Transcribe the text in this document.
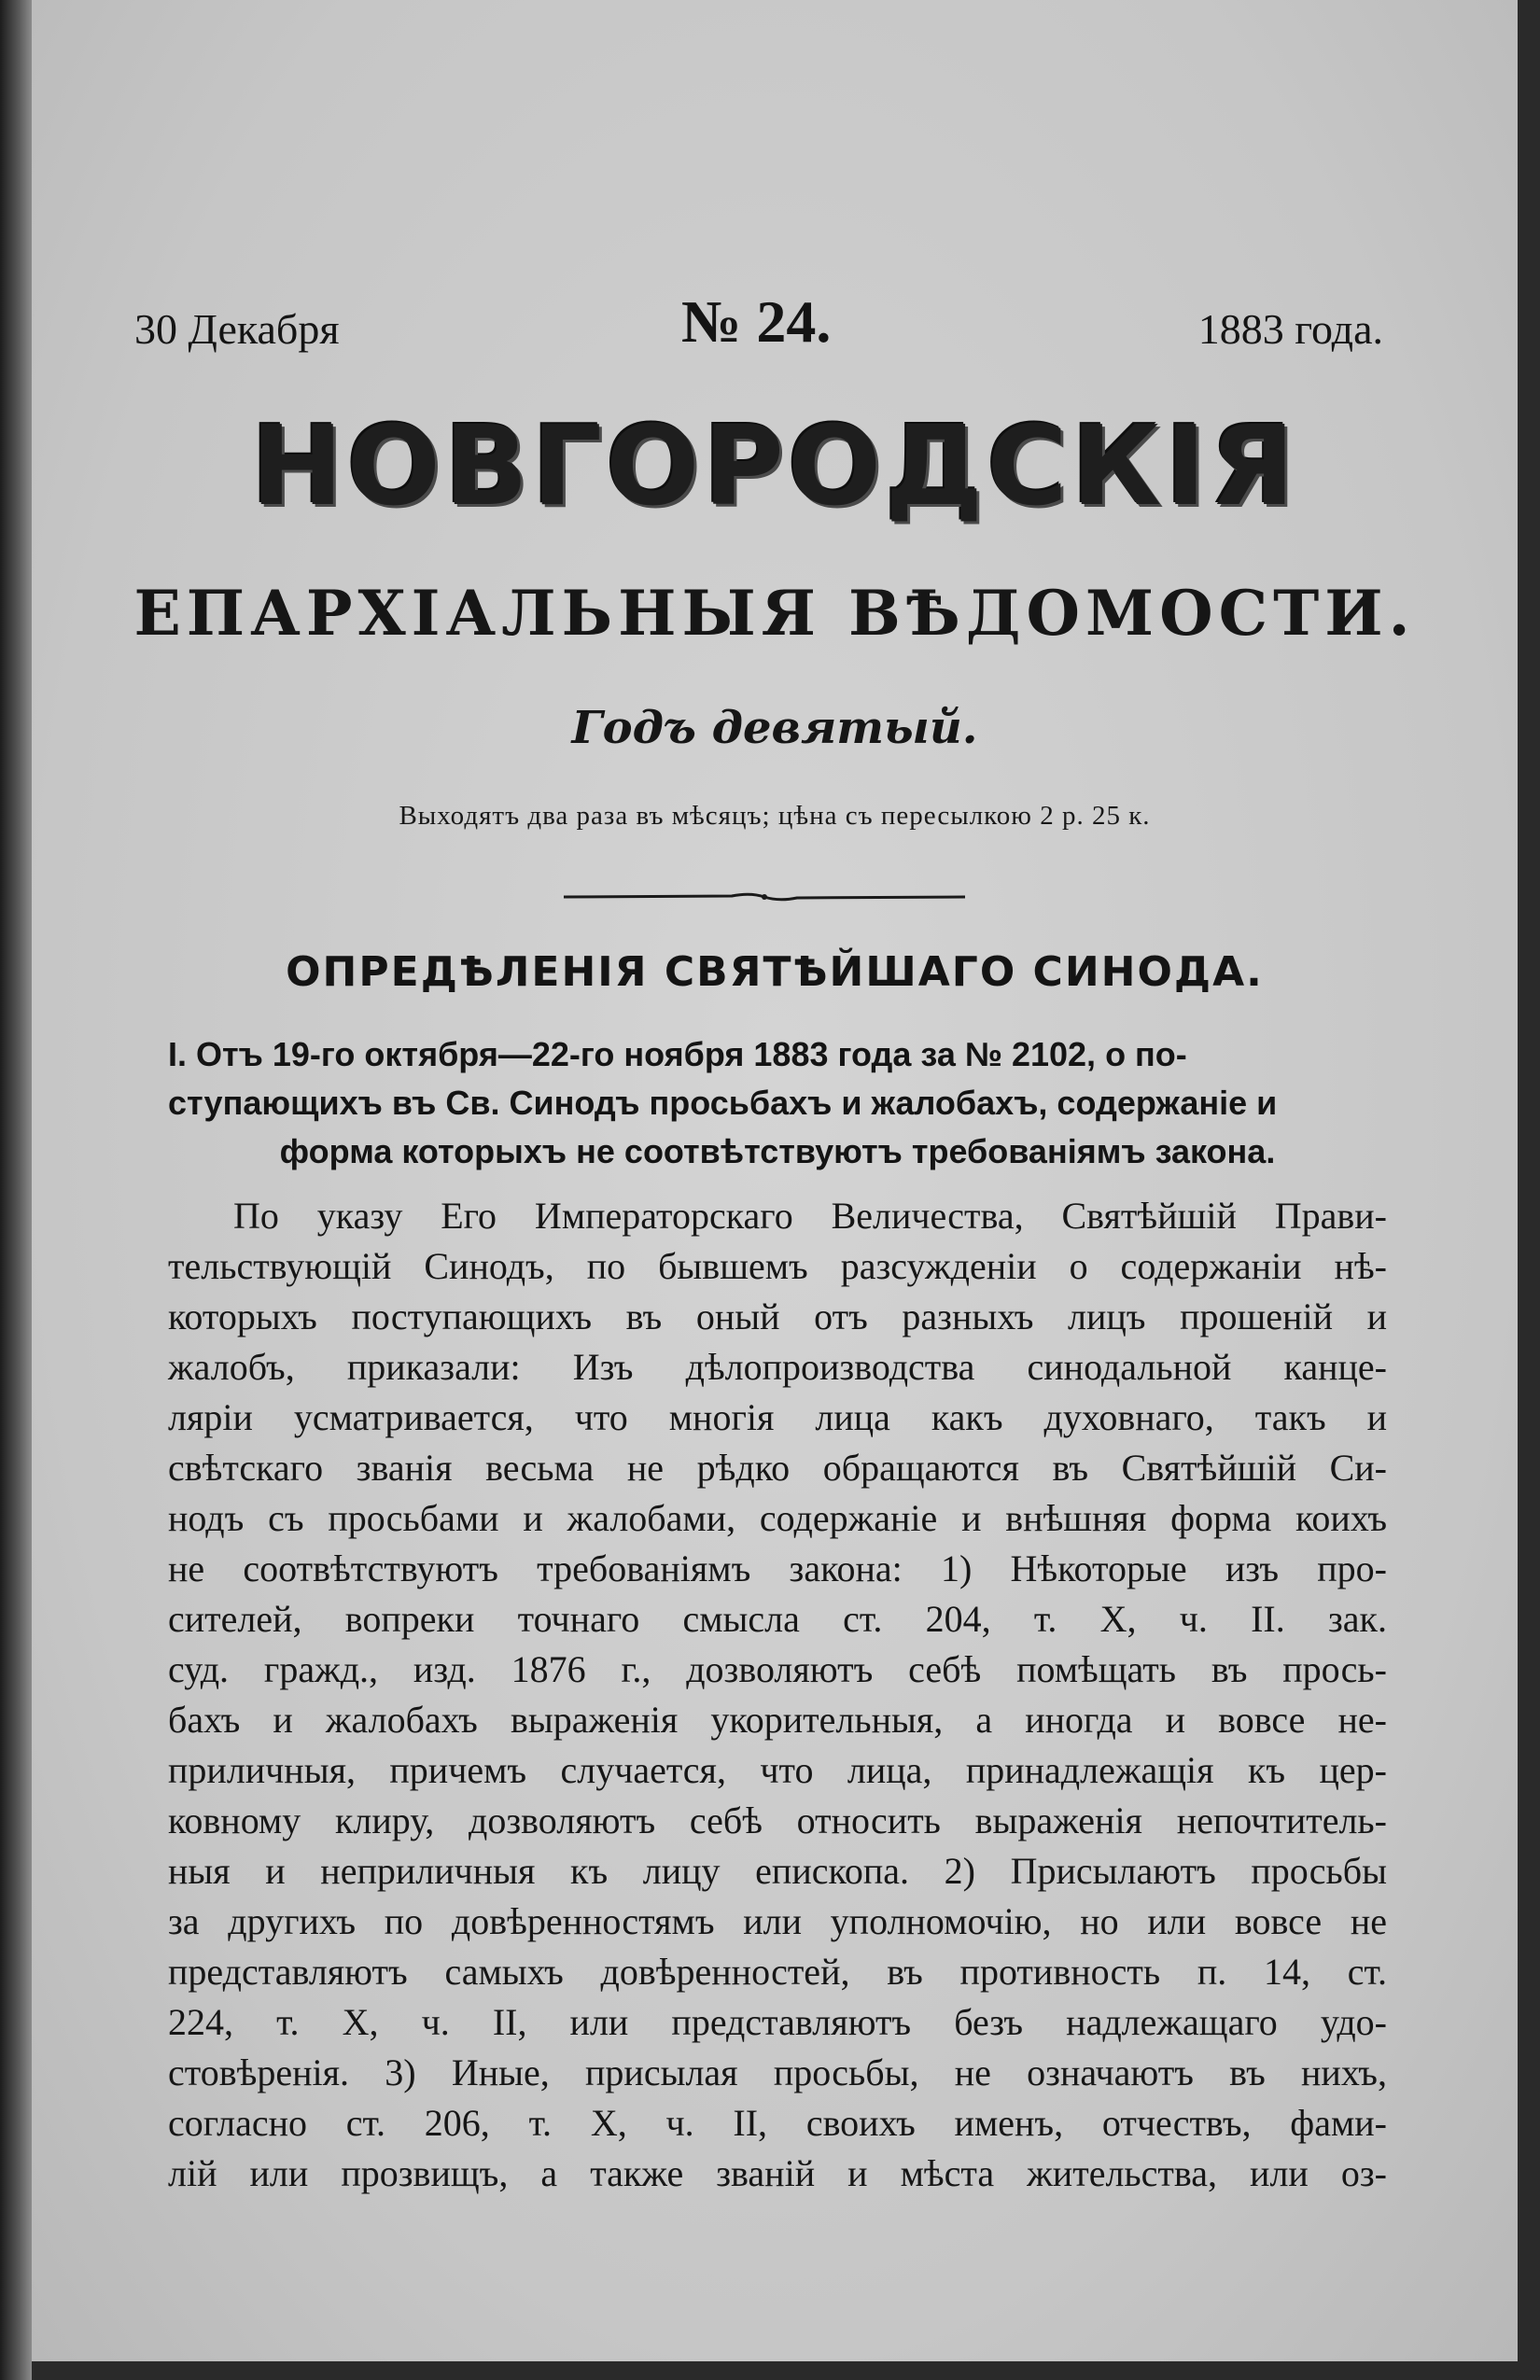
30 Декабря	№ 24.	1883 года.
НОВГОРОДСКІЯ
ЕПАРХІАЛЬНЫЯ ВѢДОМОСТИ.
Годъ девятый.
Выходятъ два раза въ мѣсяцъ; цѣна съ пересылкою 2 р. 25 к.
ОПРЕДѢЛЕНІЯ СВЯТѢЙШАГО СИНОДА.
I. Отъ 19-го октября—22-го ноября 1883 года за № 2102, о по-
ступающихъ въ Св. Синодъ просьбахъ и жалобахъ, содержаніе и
форма которыхъ не соотвѣтствуютъ требованіямъ закона.
По указу Его Императорскаго Величества, Святѣйшій Прави-
тельствующій Синодъ, по бывшемъ разсужденіи о содержаніи нѣ-
которыхъ поступающихъ въ оный отъ разныхъ лицъ прошеній и
жалобъ, приказали: Изъ дѣлопроизводства синодальной канце-
ляріи усматривается, что многія лица какъ духовнаго, такъ и
свѣтскаго званія весьма не рѣдко обращаются въ Святѣйшій Си-
нодъ съ просьбами и жалобами, содержаніе и внѣшняя форма коихъ
не соотвѣтствуютъ требованіямъ закона: 1) Нѣкоторые изъ про-
сителей, вопреки точнаго смысла ст. 204, т. X, ч. II. зак.
суд. гражд., изд. 1876 г., дозволяютъ себѣ помѣщать въ прось-
бахъ и жалобахъ выраженія укорительныя, а иногда и вовсе не-
приличныя, причемъ случается, что лица, принадлежащія къ цер-
ковному клиру, дозволяютъ себѣ относить выраженія непочтитель-
ныя и неприличныя къ лицу епископа. 2) Присылаютъ просьбы
за другихъ по довѣренностямъ или уполномочію, но или вовсе не
представляютъ самыхъ довѣренностей, въ противность п. 14, ст.
224, т. X, ч. II, или представляютъ безъ надлежащаго удо-
стовѣренія. 3) Иные, присылая просьбы, не означаютъ въ нихъ,
согласно ст. 206, т. X, ч. II, своихъ именъ, отчествъ, фами-
лій или прозвищъ, а также званій и мѣста жительства, или оз-
